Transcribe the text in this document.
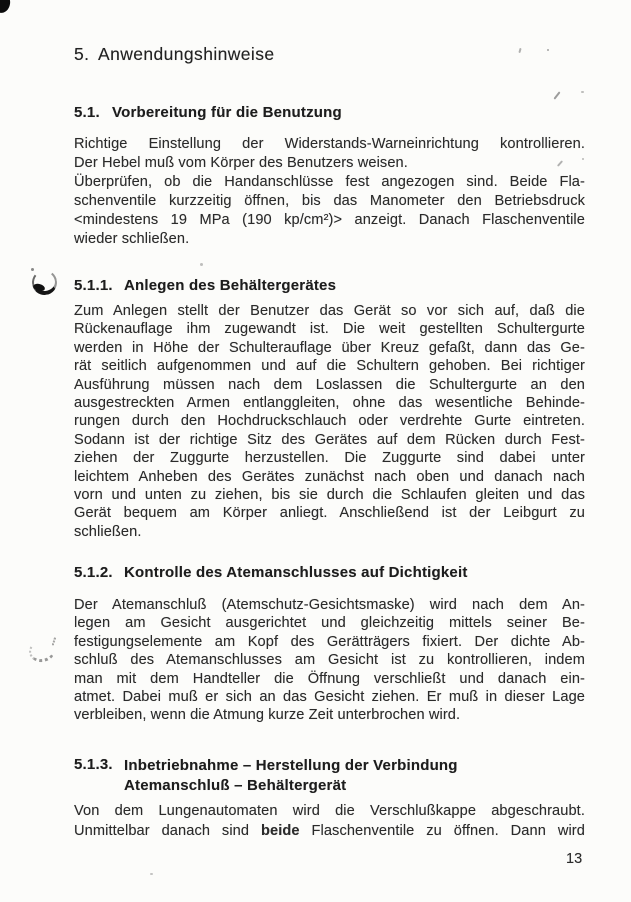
5. Anwendungshinweise
5.1. Vorbereitung für die Benutzung
Richtige Einstellung der Widerstands-Warneinrichtung kontrollieren.
Der Hebel muß vom Körper des Benutzers weisen.
Überprüfen, ob die Handanschlüsse fest angezogen sind. Beide Fla-
schenventile kurzzeitig öffnen, bis das Manometer den Betriebsdruck
<mindestens 19 MPa (190 kp/cm²)> anzeigt. Danach Flaschenventile
wieder schließen.
5.1.1. Anlegen des Behältergerätes
Zum Anlegen stellt der Benutzer das Gerät so vor sich auf, daß die
Rückenauflage ihm zugewandt ist. Die weit gestellten Schultergurte
werden in Höhe der Schulterauflage über Kreuz gefaßt, dann das Ge-
rät seitlich aufgenommen und auf die Schultern gehoben. Bei richtiger
Ausführung müssen nach dem Loslassen die Schultergurte an den
ausgestreckten Armen entlanggleiten, ohne das wesentliche Behinde-
rungen durch den Hochdruckschlauch oder verdrehte Gurte eintreten.
Sodann ist der richtige Sitz des Gerätes auf dem Rücken durch Fest-
ziehen der Zuggurte herzustellen. Die Zuggurte sind dabei unter
leichtem Anheben des Gerätes zunächst nach oben und danach nach
vorn und unten zu ziehen, bis sie durch die Schlaufen gleiten und das
Gerät bequem am Körper anliegt. Anschließend ist der Leibgurt zu
schließen.
5.1.2. Kontrolle des Atemanschlusses auf Dichtigkeit
Der Atemanschluß (Atemschutz-Gesichtsmaske) wird nach dem An-
legen am Gesicht ausgerichtet und gleichzeitig mittels seiner Be-
festigungselemente am Kopf des Gerätträgers fixiert. Der dichte Ab-
schluß des Atemanschlusses am Gesicht ist zu kontrollieren, indem
man mit dem Handteller die Öffnung verschließt und danach ein-
atmet. Dabei muß er sich an das Gesicht ziehen. Er muß in dieser Lage
verbleiben, wenn die Atmung kurze Zeit unterbrochen wird.
5.1.3. Inbetriebnahme – Herstellung der Verbindung
Atemanschluß – Behältergerät
Von dem Lungenautomaten wird die Verschlußkappe abgeschraubt.
Unmittelbar danach sind beide Flaschenventile zu öffnen. Dann wird
13
